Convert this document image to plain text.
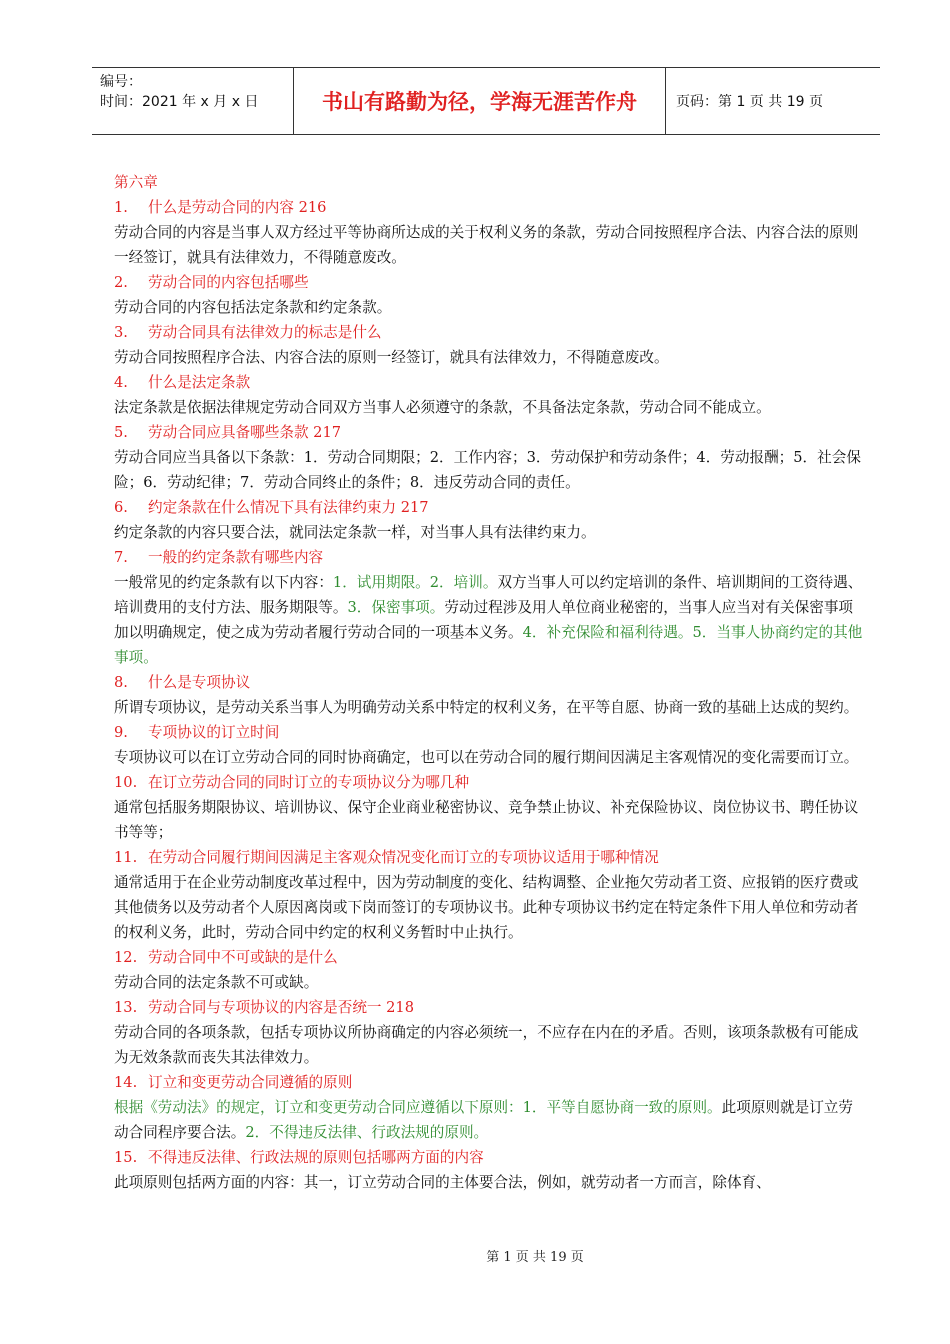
编号：
时间：2021 年 x 月 x 日	书山有路勤为径，学海无涯苦作舟	页码：第 1 页 共 19 页
第六章
1. 什么是劳动合同的内容 216
劳动合同的内容是当事人双方经过平等协商所达成的关于权利义务的条款，劳动合同按照程序合法、内容合法的原则一经签订，就具有法律效力，不得随意废改。
2. 劳动合同的内容包括哪些
劳动合同的内容包括法定条款和约定条款。
3. 劳动合同具有法律效力的标志是什么
劳动合同按照程序合法、内容合法的原则一经签订，就具有法律效力，不得随意废改。
4. 什么是法定条款
法定条款是依据法律规定劳动合同双方当事人必须遵守的条款，不具备法定条款，劳动合同不能成立。
5. 劳动合同应具备哪些条款 217
劳动合同应当具备以下条款：1．劳动合同期限；2．工作内容；3．劳动保护和劳动条件；4．劳动报酬；5．社会保险；6．劳动纪律；7．劳动合同终止的条件；8．违反劳动合同的责任。
6. 约定条款在什么情况下具有法律约束力 217
约定条款的内容只要合法，就同法定条款一样，对当事人具有法律约束力。
7. 一般的约定条款有哪些内容
一般常见的约定条款有以下内容：1．试用期限。2．培训。双方当事人可以约定培训的条件、培训期间的工资待遇、培训费用的支付方法、服务期限等。3．保密事项。劳动过程涉及用人单位商业秘密的，当事人应当对有关保密事项加以明确规定，使之成为劳动者履行劳动合同的一项基本义务。4．补充保险和福利待遇。5．当事人协商约定的其他事项。
8. 什么是专项协议
所谓专项协议，是劳动关系当事人为明确劳动关系中特定的权利义务，在平等自愿、协商一致的基础上达成的契约。
9. 专项协议的订立时间
专项协议可以在订立劳动合同的同时协商确定，也可以在劳动合同的履行期间因满足主客观情况的变化需要而订立。
10. 在订立劳动合同的同时订立的专项协议分为哪几种
通常包括服务期限协议、培训协议、保守企业商业秘密协议、竞争禁止协议、补充保险协议、岗位协议书、聘任协议书等等；
11. 在劳动合同履行期间因满足主客观众情况变化而订立的专项协议适用于哪种情况
通常适用于在企业劳动制度改革过程中，因为劳动制度的变化、结构调整、企业拖欠劳动者工资、应报销的医疗费或其他债务以及劳动者个人原因离岗或下岗而签订的专项协议书。此种专项协议书约定在特定条件下用人单位和劳动者的权利义务，此时，劳动合同中约定的权利义务暂时中止执行。
12. 劳动合同中不可或缺的是什么
劳动合同的法定条款不可或缺。
13. 劳动合同与专项协议的内容是否统一 218
劳动合同的各项条款，包括专项协议所协商确定的内容必须统一，不应存在内在的矛盾。否则，该项条款极有可能成为无效条款而丧失其法律效力。
14. 订立和变更劳动合同遵循的原则
根据《劳动法》的规定，订立和变更劳动合同应遵循以下原则：1．平等自愿协商一致的原则。此项原则就是订立劳动合同程序要合法。2．不得违反法律、行政法规的原则。
15. 不得违反法律、行政法规的原则包括哪两方面的内容
此项原则包括两方面的内容：其一，订立劳动合同的主体要合法，例如，就劳动者一方而言，除体育、
第 1 页 共 19 页
